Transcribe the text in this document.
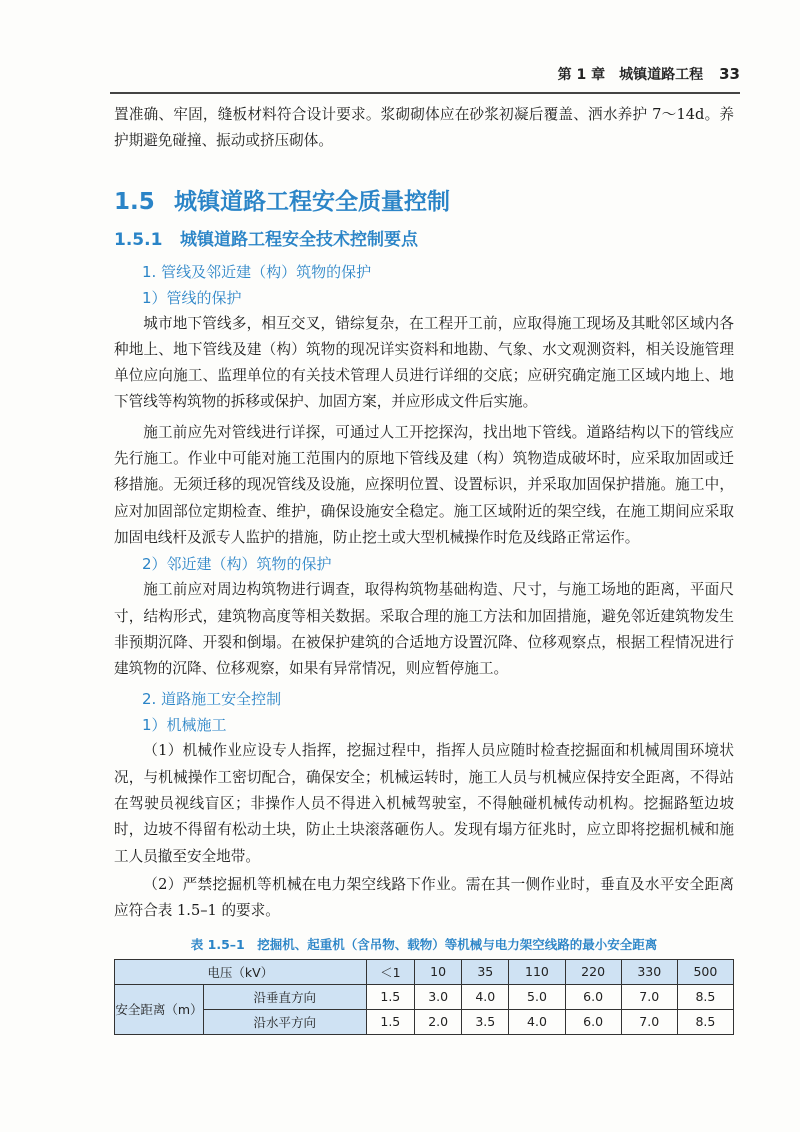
第 1 章　城镇道路工程 33

置准确、牢固，缝板材料符合设计要求。浆砌砌体应在砂浆初凝后覆盖、洒水养护 7～14d。养护期避免碰撞、振动或挤压砌体。

1.5 城镇道路工程安全质量控制
1.5.1 城镇道路工程安全技术控制要点
1. 管线及邻近建（构）筑物的保护
1）管线的保护

城市地下管线多，相互交叉，错综复杂，在工程开工前，应取得施工现场及其毗邻区域内各种地上、地下管线及建（构）筑物的现况详实资料和地勘、气象、水文观测资料，相关设施管理单位应向施工、监理单位的有关技术管理人员进行详细的交底；应研究确定施工区域内地上、地下管线等构筑物的拆移或保护、加固方案，并应形成文件后实施。

施工前应先对管线进行详探，可通过人工开挖探沟，找出地下管线。道路结构以下的管线应先行施工。作业中可能对施工范围内的原地下管线及建（构）筑物造成破坏时，应采取加固或迁移措施。无须迁移的现况管线及设施，应探明位置、设置标识，并采取加固保护措施。施工中，应对加固部位定期检查、维护，确保设施安全稳定。施工区域附近的架空线，在施工期间应采取加固电线杆及派专人监护的措施，防止挖土或大型机械操作时危及线路正常运作。

2）邻近建（构）筑物的保护

施工前应对周边构筑物进行调查，取得构筑物基础构造、尺寸，与施工场地的距离，平面尺寸，结构形式，建筑物高度等相关数据。采取合理的施工方法和加固措施，避免邻近建筑物发生非预期沉降、开裂和倒塌。在被保护建筑的合适地方设置沉降、位移观察点，根据工程情况进行建筑物的沉降、位移观察，如果有异常情况，则应暂停施工。

2. 道路施工安全控制
1）机械施工

（1）机械作业应设专人指挥，挖掘过程中，指挥人员应随时检查挖掘面和机械周围环境状况，与机械操作工密切配合，确保安全；机械运转时，施工人员与机械应保持安全距离，不得站在驾驶员视线盲区；非操作人员不得进入机械驾驶室，不得触碰机械传动机构。挖掘路堑边坡时，边坡不得留有松动土块，防止土块滚落砸伤人。发现有塌方征兆时，应立即将挖掘机械和施工人员撤至安全地带。

（2）严禁挖掘机等机械在电力架空线路下作业。需在其一侧作业时，垂直及水平安全距离应符合表 1.5–1 的要求。

表 1.5–1　挖掘机、起重机（含吊物、载物）等机械与电力架空线路的最小安全距离
电压（kV）		＜1	10	35	110	220	330	500
安全距离（m）	沿垂直方向	1.5	3.0	4.0	5.0	6.0	7.0	8.5
	沿水平方向	1.5	2.0	3.5	4.0	6.0	7.0	8.5
